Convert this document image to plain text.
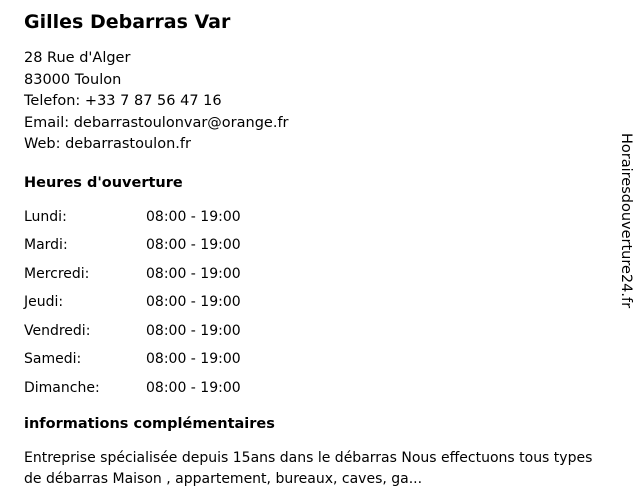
Gilles Debarras Var
28 Rue d'Alger
83000 Toulon
Telefon: +33 7 87 56 47 16
Email: debarrastoulonvar@orange.fr
Web: debarrastoulon.fr
Heures d'ouverture
Lundi:	08:00 - 19:00
Mardi:	08:00 - 19:00
Mercredi:	08:00 - 19:00
Jeudi:	08:00 - 19:00
Vendredi:	08:00 - 19:00
Samedi:	08:00 - 19:00
Dimanche:	08:00 - 19:00
informations complémentaires
Entreprise spécialisée depuis 15ans dans le débarras Nous effectuons tous types de débarras Maison , appartement, bureaux, caves, ga...
Horairesdouverture24.fr
